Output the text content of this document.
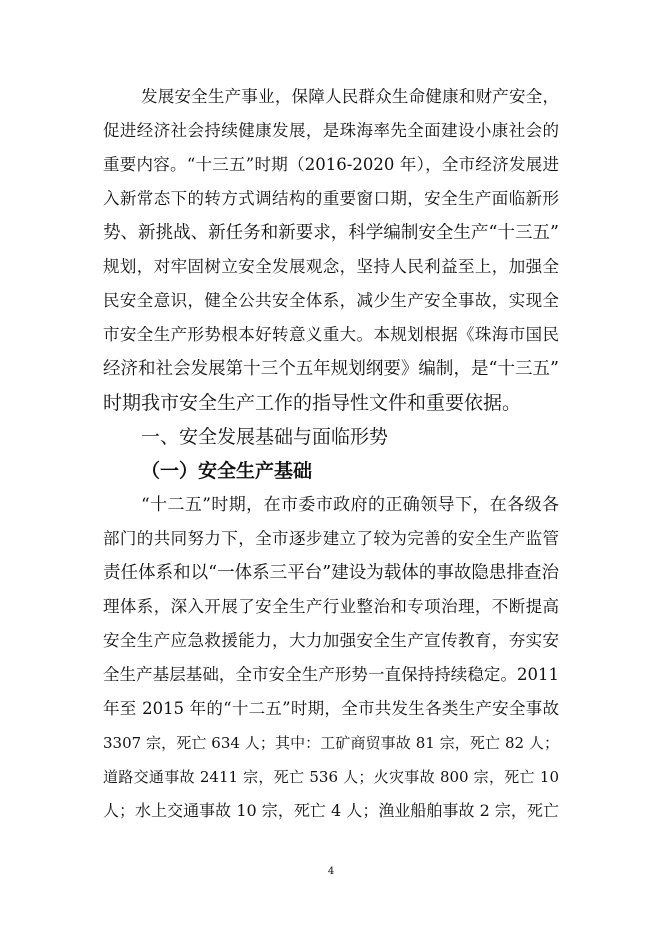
发展安全生产事业，保障人民群众生命健康和财产安全，
促进经济社会持续健康发展，是珠海率先全面建设小康社会的
重要内容。“十三五”时期（2016-2020 年），全市经济发展进
入新常态下的转方式调结构的重要窗口期，安全生产面临新形
势、新挑战、新任务和新要求，科学编制安全生产“十三五”
规划，对牢固树立安全发展观念，坚持人民利益至上，加强全
民安全意识，健全公共安全体系，减少生产安全事故，实现全
市安全生产形势根本好转意义重大。本规划根据《珠海市国民
经济和社会发展第十三个五年规划纲要》编制，是“十三五”
时期我市安全生产工作的指导性文件和重要依据。
一、安全发展基础与面临形势
（一）安全生产基础
“十二五”时期，在市委市政府的正确领导下，在各级各
部门的共同努力下，全市逐步建立了较为完善的安全生产监管
责任体系和以“一体系三平台”建设为载体的事故隐患排查治
理体系，深入开展了安全生产行业整治和专项治理，不断提高
安全生产应急救援能力，大力加强安全生产宣传教育，夯实安
全生产基层基础，全市安全生产形势一直保持持续稳定。2011
年至 2015 年的“十二五”时期，全市共发生各类生产安全事故
3307 宗，死亡 634 人；其中：工矿商贸事故 81 宗，死亡 82 人；
道路交通事故 2411 宗，死亡 536 人；火灾事故 800 宗，死亡 10
人；水上交通事故 10 宗，死亡 4 人；渔业船舶事故 2 宗，死亡
4
